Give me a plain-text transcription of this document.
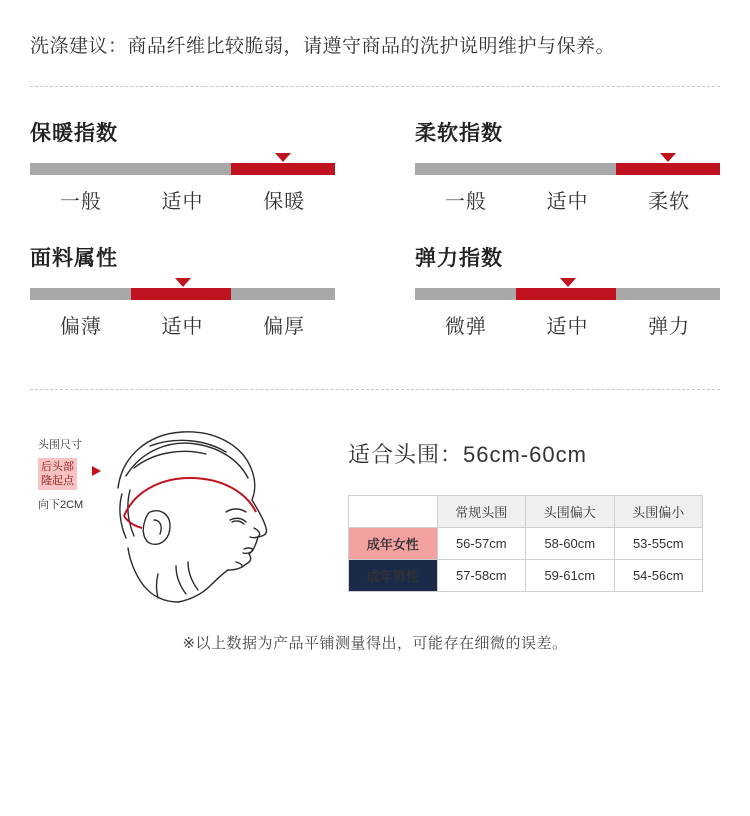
洗涤建议：商品纤维比较脆弱，请遵守商品的洗护说明维护与保养。
保暖指数
一般	适中	保暖
柔软指数
一般	适中	柔软
面料属性
偏薄	适中	偏厚
弹力指数
微弹	适中	弹力
头围尺寸
后头部
隆起点
向下2CM
适合头围：56cm-60cm
	常规头围	头围偏大	头围偏小
成年女性	56-57cm	58-60cm	53-55cm
成年男性	57-58cm	59-61cm	54-56cm
※以上数据为产品平铺测量得出，可能存在细微的误差。
